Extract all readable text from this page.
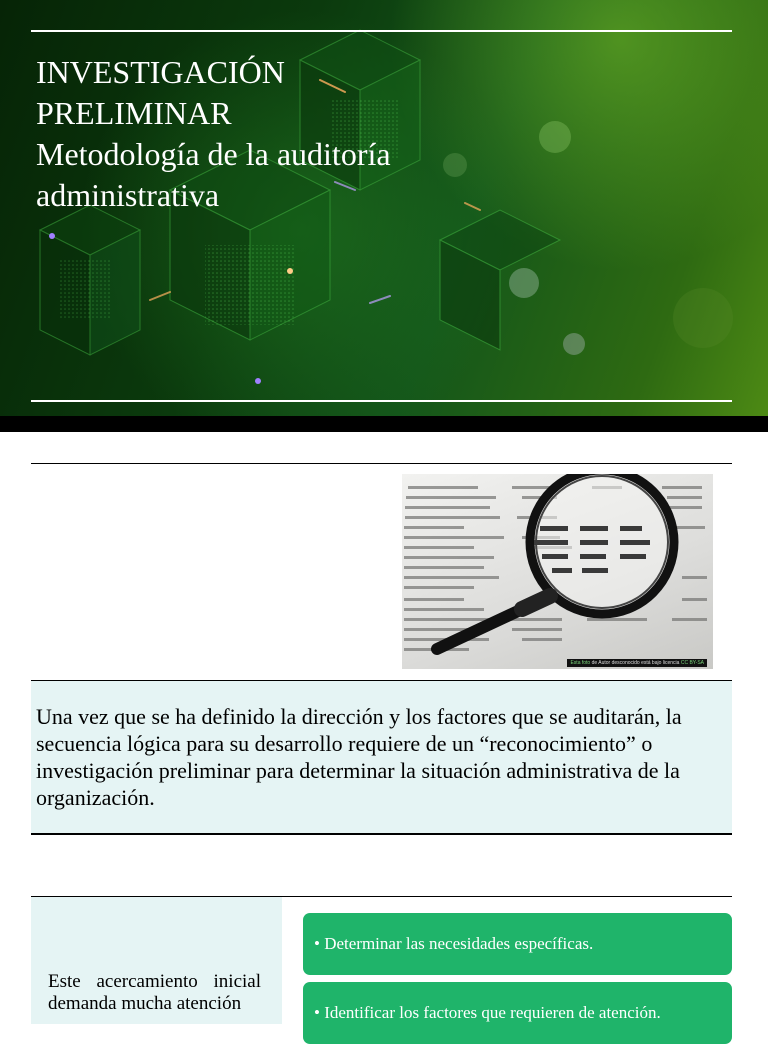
INVESTIGACIÓN
PRELIMINAR
Metodología de la auditoría
administrativa
Esta foto de Autor desconocido está bajo licencia CC BY-SA

Una vez que se ha definido la dirección y los factores que se auditarán, la secuencia lógica para su desarrollo requiere de un “reconocimiento” o investigación preliminar para determinar la situación administrativa de la organización.

Este acercamiento inicial demanda mucha atención

• Determinar las necesidades específicas.
• Identificar los factores que requieren de atención.
